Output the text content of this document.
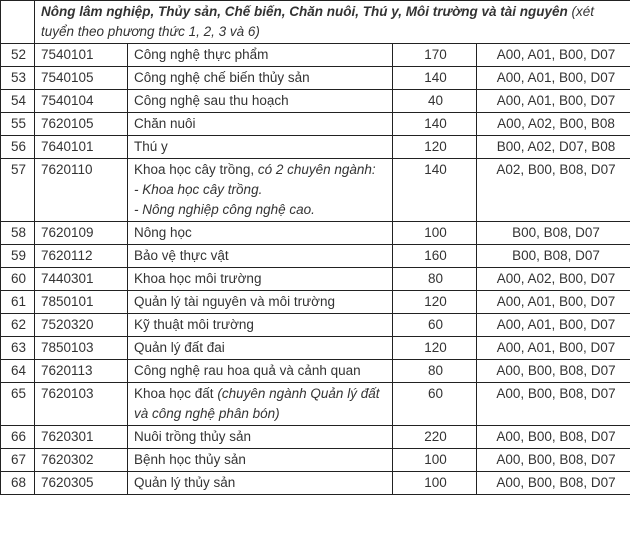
	Nông lâm nghiệp, Thủy sản, Chế biến, Chăn nuôi, Thú y, Môi trường và tài nguyên (xét tuyển theo phương thức 1, 2, 3 và 6)			
52	7540101	Công nghệ thực phẩm	170	A00, A01, B00, D07
53	7540105	Công nghệ chế biến thủy sản	140	A00, A01, B00, D07
54	7540104	Công nghệ sau thu hoạch	40	A00, A01, B00, D07
55	7620105	Chăn nuôi	140	A00, A02, B00, B08
56	7640101	Thú y	120	B00, A02, D07, B08
57	7620110	Khoa học cây trồng, có 2 chuyên ngành:
- Khoa học cây trồng.
- Nông nghiệp công nghệ cao.	140	A02, B00, B08, D07
58	7620109	Nông học	100	B00, B08, D07
59	7620112	Bảo vệ thực vật	160	B00, B08, D07
60	7440301	Khoa học môi trường	80	A00, A02, B00, D07
61	7850101	Quản lý tài nguyên và môi trường	120	A00, A01, B00, D07
62	7520320	Kỹ thuật môi trường	60	A00, A01, B00, D07
63	7850103	Quản lý đất đai	120	A00, A01, B00, D07
64	7620113	Công nghệ rau hoa quả và cảnh quan	80	A00, B00, B08, D07
65	7620103	Khoa học đất (chuyên ngành Quản lý đất và công nghệ phân bón)	60	A00, B00, B08, D07
66	7620301	Nuôi trồng thủy sản	220	A00, B00, B08, D07
67	7620302	Bệnh học thủy sản	100	A00, B00, B08, D07
68	7620305	Quản lý thủy sản	100	A00, B00, B08, D07
